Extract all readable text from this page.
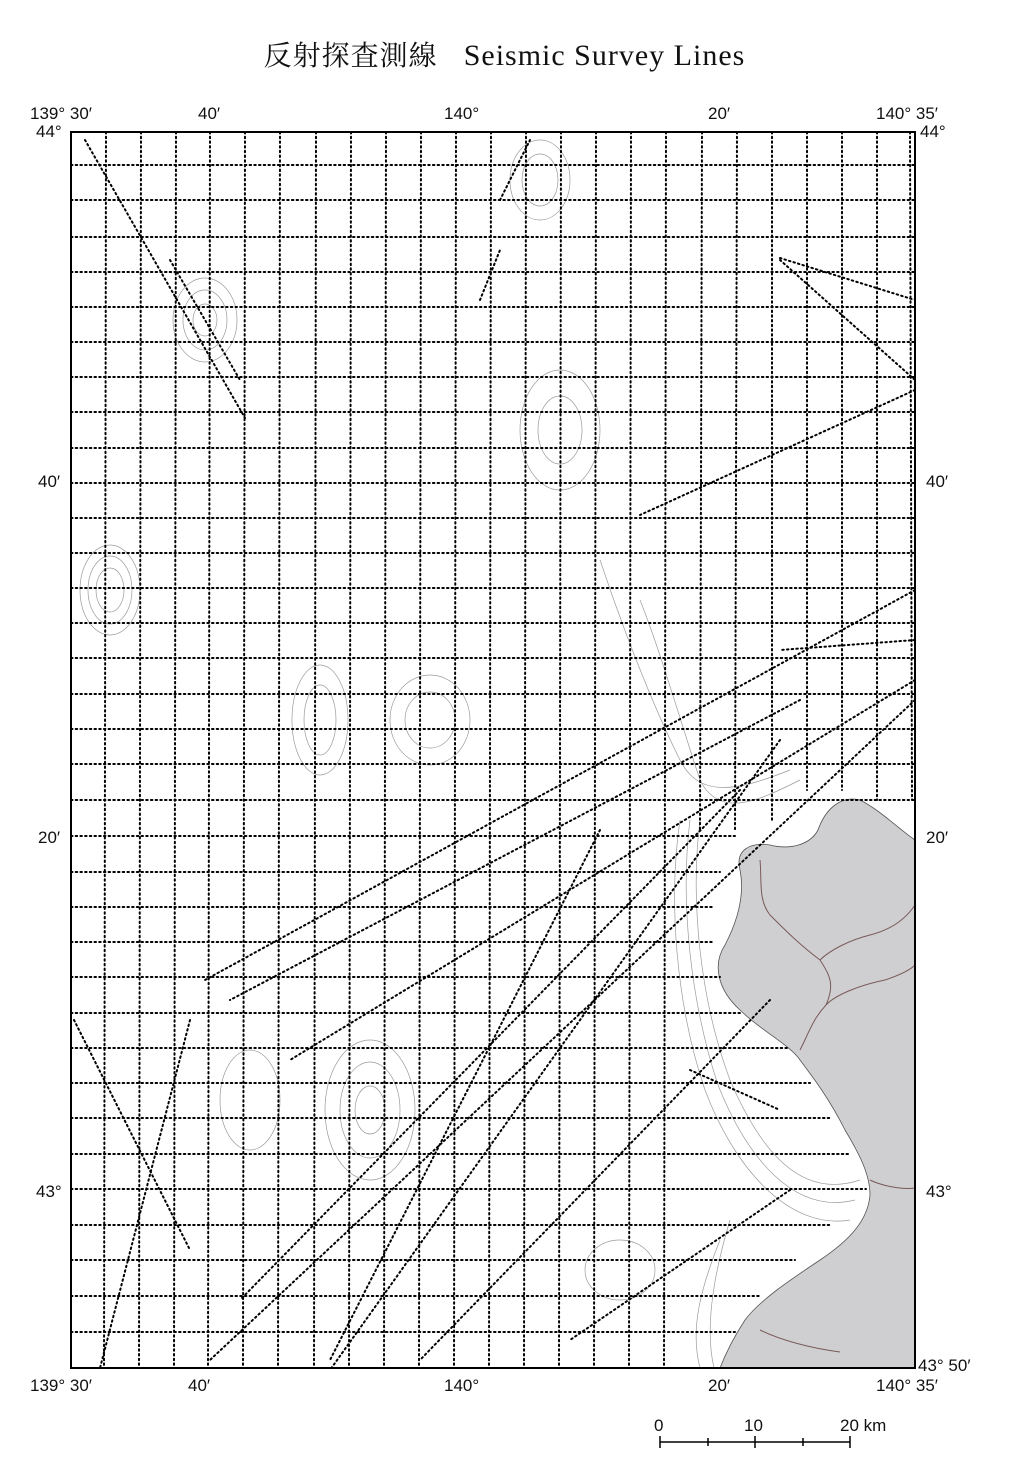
反射探査測線 Seismic Survey Lines
139° 30′	40′	140°	20′	140° 35′
139° 30′	40′	140°	20′	140° 35′
44°
40′
20′
43°
44°
40′
20′
43°
43° 50′
0	10	20 km
